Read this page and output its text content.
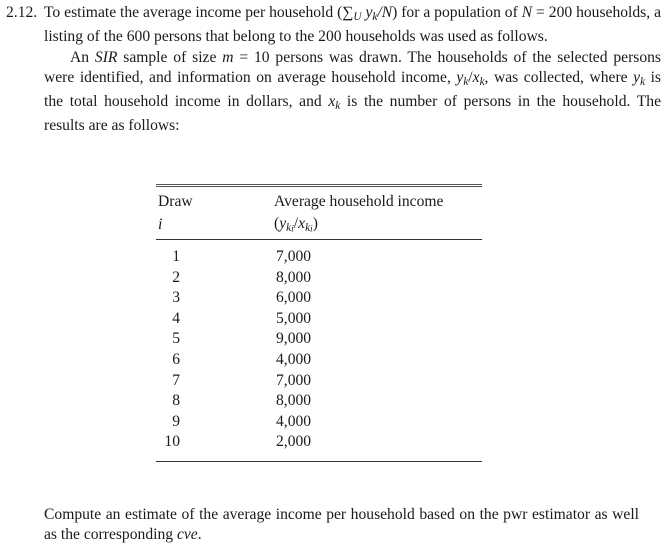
2.12. To estimate the average income per household ($\sum_U$ $y_k/N$) for a population of N = 200 households, a listing of the 600 persons that belong to the 200 households was used as follows.

An SIR sample of size m = 10 persons was drawn. The households of the selected persons were identified, and information on average household income, $y_k/x_k$, was collected, where $y_k$ is the total household income in dollars, and $x_k$ is the number of persons in the household. The results are as follows:

Draw
i
Average household income
$(y_{ki}/x_{ki})$
1	7,000
2	8,000
3	6,000
4	5,000
5	9,000
6	4,000
7	7,000
8	8,000
9	4,000
10	2,000

Compute an estimate of the average income per household based on the pwr estimator as well as the corresponding cve.
